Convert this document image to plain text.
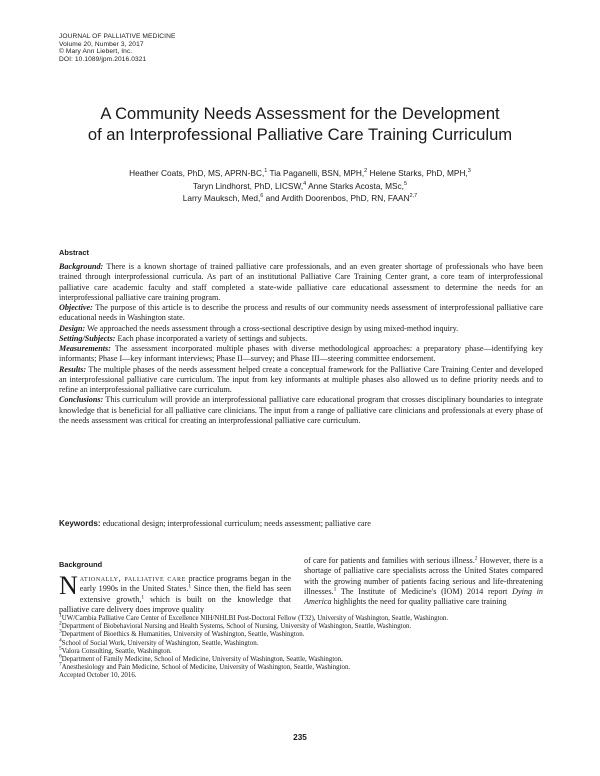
JOURNAL OF PALLIATIVE MEDICINE
Volume 20, Number 3, 2017
© Mary Ann Liebert, Inc.
DOI: 10.1089/jpm.2016.0321
A Community Needs Assessment for the Development
of an Interprofessional Palliative Care Training Curriculum
Heather Coats, PhD, MS, APRN-BC,$^1$ Tia Paganelli, BSN, MPH,$^2$ Helene Starks, PhD, MPH,$^3$
Taryn Lindhorst, PhD, LICSW,$^4$ Anne Starks Acosta, MSc,$^5$
Larry Mauksch, Med,$^6$ and Ardith Doorenbos, PhD, RN, FAAN$^{2,7}$
Abstract

Background: There is a known shortage of trained palliative care professionals, and an even greater shortage of professionals who have been trained through interprofessional curricula. As part of an institutional Palliative Care Training Center grant, a core team of interprofessional palliative care academic faculty and staff completed a state-wide palliative care educational assessment to determine the needs for an interprofessional palliative care training program.

Objective: The purpose of this article is to describe the process and results of our community needs assessment of interprofessional palliative care educational needs in Washington state.

Design: We approached the needs assessment through a cross-sectional descriptive design by using mixed-method inquiry.

Setting/Subjects: Each phase incorporated a variety of settings and subjects.

Measurements: The assessment incorporated multiple phases with diverse methodological approaches: a preparatory phase—identifying key informants; Phase I—key informant interviews; Phase II—survey; and Phase III—steering committee endorsement.

Results: The multiple phases of the needs assessment helped create a conceptual framework for the Palliative Care Training Center and developed an interprofessional palliative care curriculum. The input from key informants at multiple phases also allowed us to define priority needs and to refine an interprofessional palliative care curriculum.

Conclusions: This curriculum will provide an interprofessional palliative care educational program that crosses disciplinary boundaries to integrate knowledge that is beneficial for all palliative care clinicians. The input from a range of palliative care clinicians and professionals at every phase of the needs assessment was critical for creating an interprofessional palliative care curriculum.

Keywords: educational design; interprofessional curriculum; needs assessment; palliative care
Background
Nationally, palliative care practice programs began in the early 1990s in the United States.$^1$ Since then, the field has seen extensive growth,$^1$ which is built on the knowledge that palliative care delivery does improve quality
of care for patients and families with serious illness.$^2$ However, there is a shortage of palliative care specialists across the United States compared with the growing number of patients facing serious and life-threatening illnesses.$^1$ The Institute of Medicine's (IOM) 2014 report Dying in America highlights the need for quality palliative care training
$^1$UW/Cambia Palliative Care Center of Excellence NIH/NHLBI Post-Doctoral Fellow (T32), University of Washington, Seattle, Washington.
$^2$Department of Biobehavioral Nursing and Health Systems, School of Nursing, University of Washington, Seattle, Washington.
$^3$Department of Bioethics & Humanities, University of Washington, Seattle, Washington.
$^4$School of Social Work, University of Washington, Seattle, Washington.
$^5$Valora Consulting, Seattle, Washington.
$^6$Department of Family Medicine, School of Medicine, University of Washington, Seattle, Washington.
$^7$Anesthesiology and Pain Medicine, School of Medicine, University of Washington, Seattle, Washington.
Accepted October 10, 2016.
235
